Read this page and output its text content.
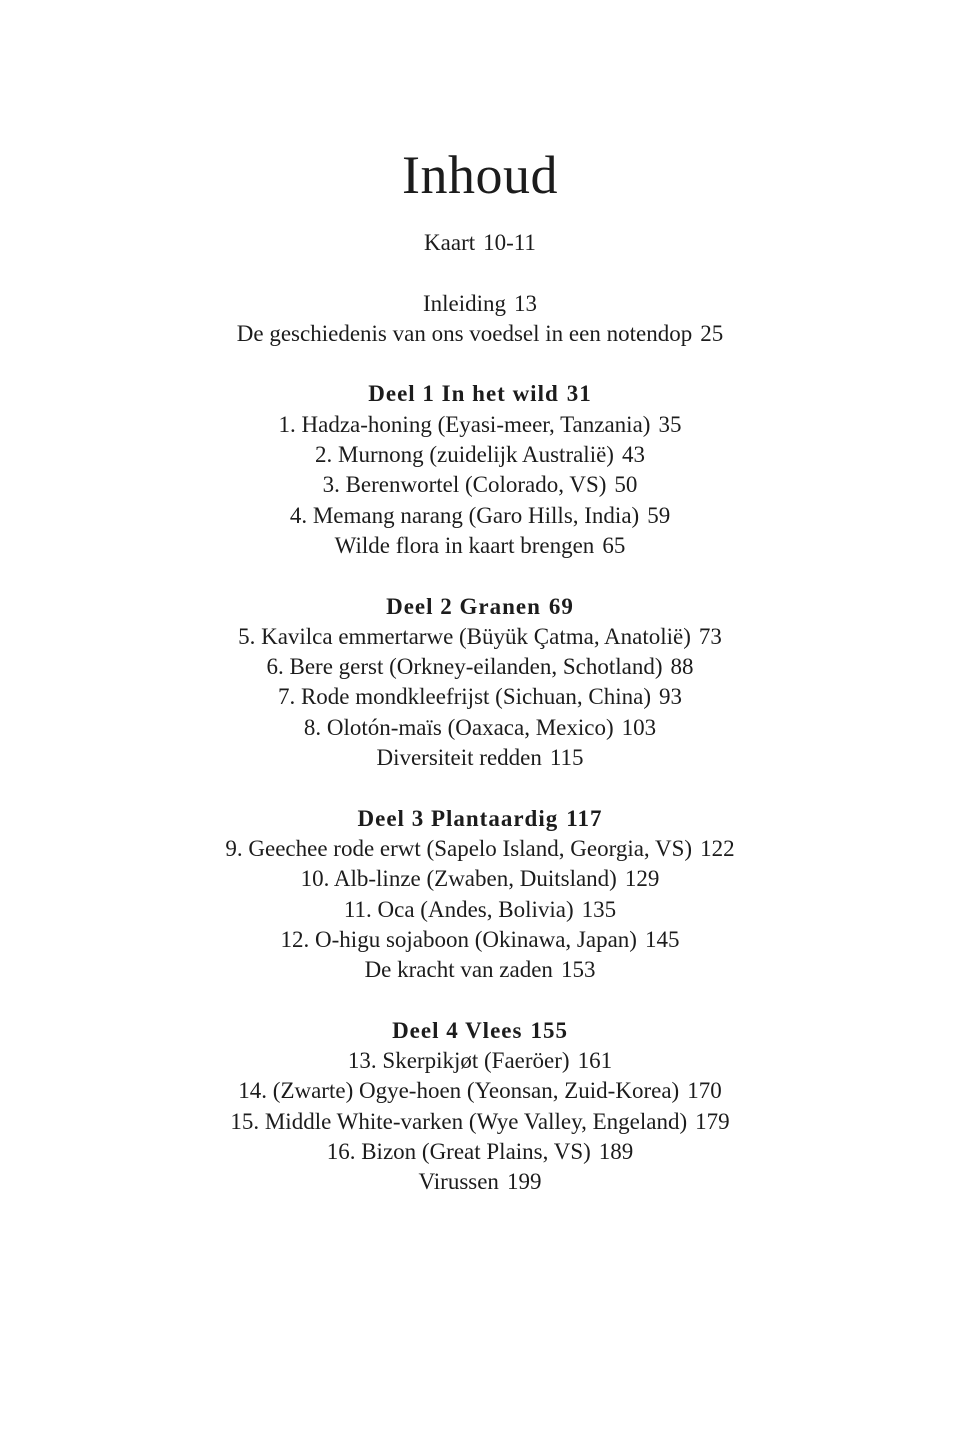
Inhoud
Kaart 10-11
Inleiding 13
De geschiedenis van ons voedsel in een notendop 25
Deel 1 In het wild 31
1. Hadza-honing (Eyasi-meer, Tanzania) 35
2. Murnong (zuidelijk Australië) 43
3. Berenwortel (Colorado, VS) 50
4. Memang narang (Garo Hills, India) 59
Wilde flora in kaart brengen 65
Deel 2 Granen 69
5. Kavilca emmertarwe (Büyük Çatma, Anatolië) 73
6. Bere gerst (Orkney-eilanden, Schotland) 88
7. Rode mondkleefrijst (Sichuan, China) 93
8. Olotón-maïs (Oaxaca, Mexico) 103
Diversiteit redden 115
Deel 3 Plantaardig 117
9. Geechee rode erwt (Sapelo Island, Georgia, VS) 122
10. Alb-linze (Zwaben, Duitsland) 129
11. Oca (Andes, Bolivia) 135
12. O-higu sojaboon (Okinawa, Japan) 145
De kracht van zaden 153
Deel 4 Vlees 155
13. Skerpikjøt (Faeröer) 161
14. (Zwarte) Ogye-hoen (Yeonsan, Zuid-Korea) 170
15. Middle White-varken (Wye Valley, Engeland) 179
16. Bizon (Great Plains, VS) 189
Virussen 199
